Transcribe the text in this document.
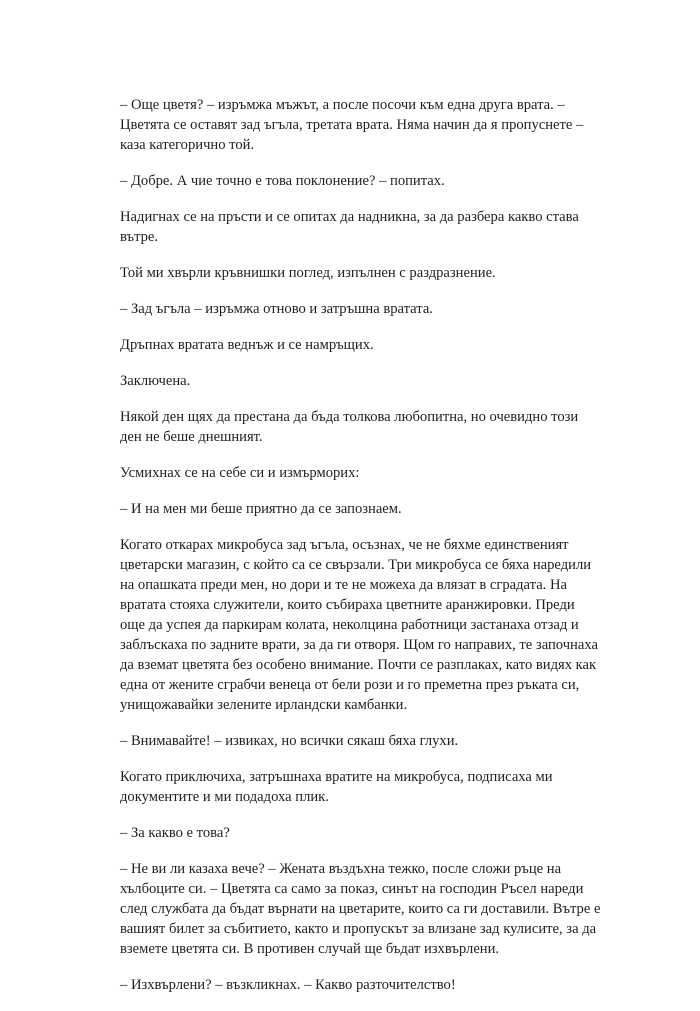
– Още цветя? – изръмжа мъжът, а после посочи към една друга врата. – Цветята се оставят зад ъгъла, третата врата. Няма начин да я пропуснете – каза категорично той.

– Добре. А чие точно е това поклонение? – попитах.

Надигнах се на пръсти и се опитах да надникна, за да разбера какво става вътре.

Той ми хвърли кръвнишки поглед, изпълнен с раздразнение.

– Зад ъгъла – изръмжа отново и затръшна вратата.

Дръпнах вратата веднъж и се намръщих.

Заключена.

Някой ден щях да престана да бъда толкова любопитна, но очевидно този ден не беше днешният.

Усмихнах се на себе си и измърморих:

– И на мен ми беше приятно да се запознаем.

Когато откарах микробуса зад ъгъла, осъзнах, че не бяхме единственият цветарски магазин, с който са се свързали. Три микробуса се бяха наредили на опашката преди мен, но дори и те не можеха да влязат в сградата. На вратата стояха служители, които събираха цветните аранжировки. Преди още да успея да паркирам колата, неколцина работници застанаха отзад и заблъскаха по задните врати, за да ги отворя. Щом го направих, те започнаха да вземат цветята без особено внимание. Почти се разплаках, като видях как една от жените сграбчи венеца от бели рози и го преметна през ръката си, унищожавайки зелените ирландски камбанки.

– Внимавайте! – извиках, но всички сякаш бяха глухи.

Когато приключиха, затръшнаха вратите на микробуса, подписаха ми документите и ми подадоха плик.

– За какво е това?

– Не ви ли казаха вече? – Жената въздъхна тежко, после сложи ръце на хълбоците си. – Цветята са само за показ, синът на господин Ръсел нареди след службата да бъдат върнати на цветарите, които са ги доставили. Вътре е вашият билет за събитието, както и пропускът за влизане зад кулисите, за да вземете цветята си. В противен случай ще бъдат изхвърлени.

– Изхвърлени? – възкликнах. – Какво разточителство!
